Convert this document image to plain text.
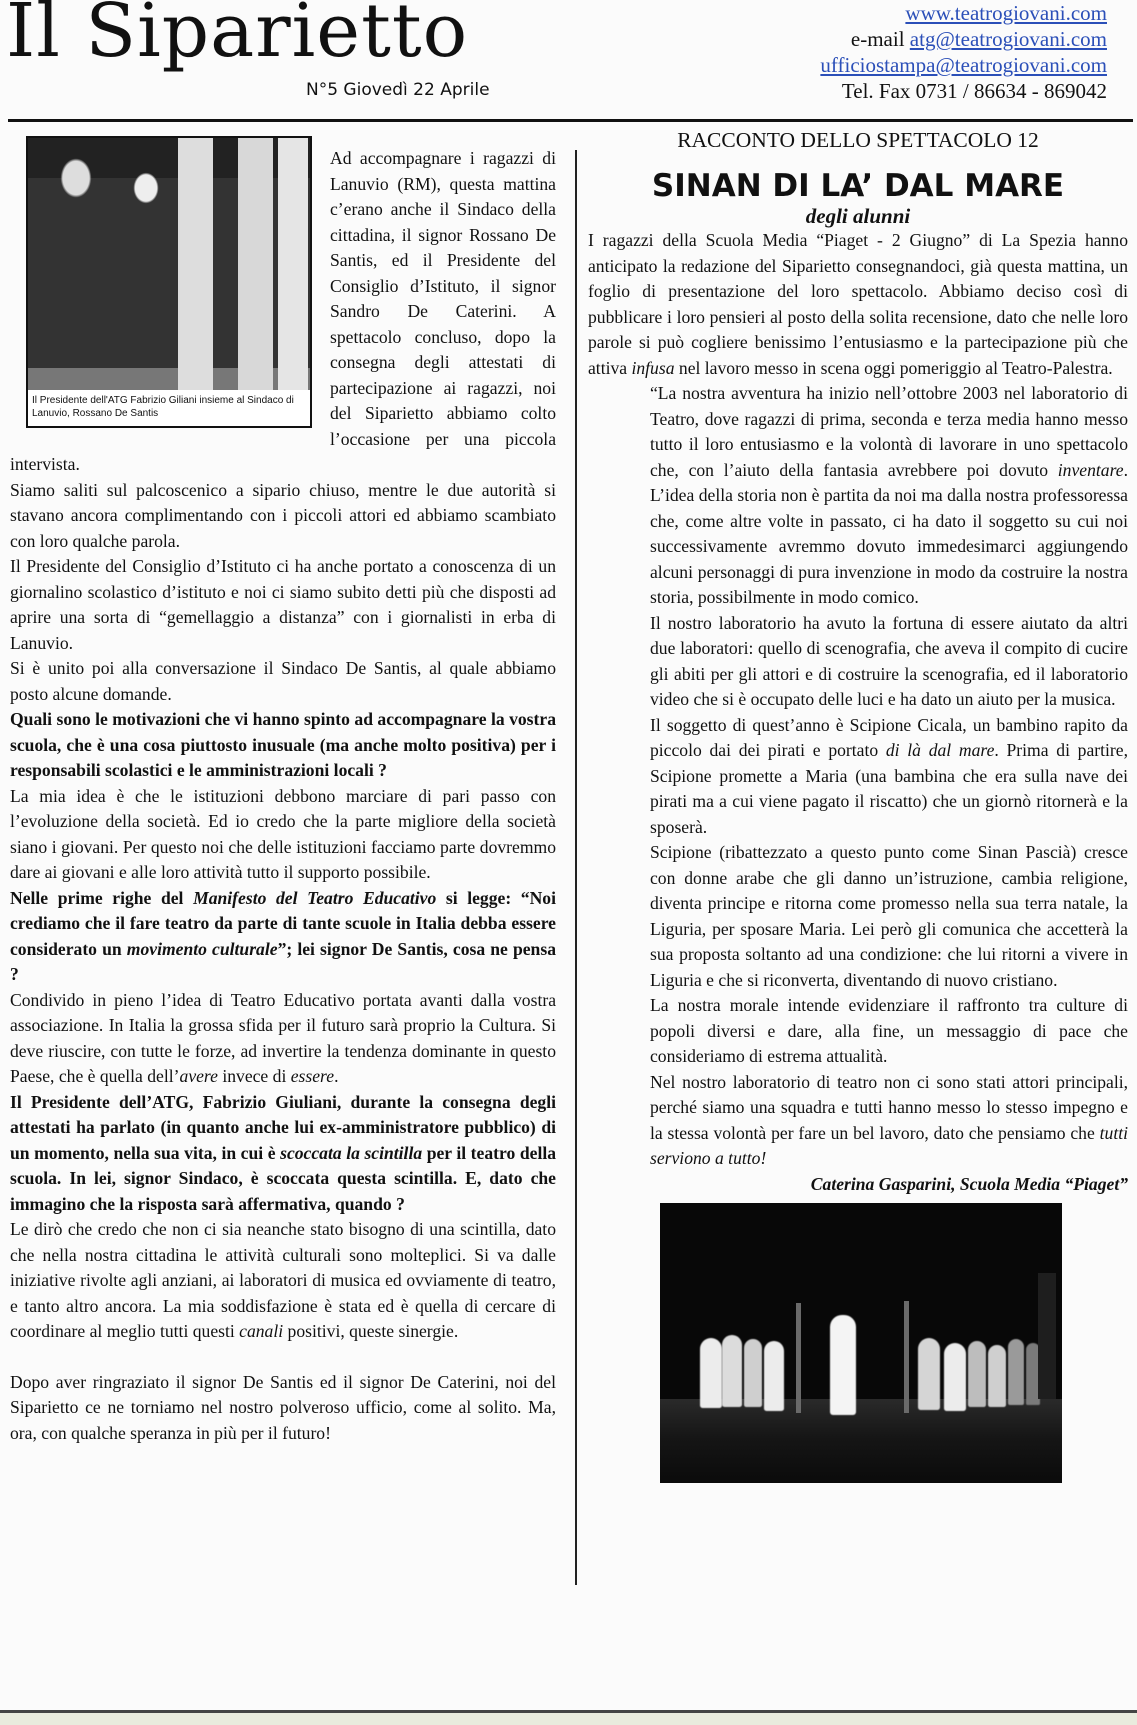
Il Siparietto
N°5 Giovedì 22 Aprile
www.teatrogiovani.com
e-mail atg@teatrogiovani.com
ufficiostampa@teatrogiovani.com
Tel. Fax 0731 / 86634 - 869042
Il Presidente dell'ATG Fabrizio Giliani insieme al Sindaco di Lanuvio, Rossano De Santis

Ad accompagnare i ragazzi di Lanuvio (RM), questa mattina c’erano anche il Sindaco della cittadina, il signor Rossano De Santis, ed il Presidente del Consiglio d’Istituto, il signor Sandro De Caterini. A spettacolo concluso, dopo la consegna degli attestati di partecipazione ai ragazzi, noi del Siparietto abbiamo colto l’occasione per una piccola intervista.

Siamo saliti sul palcoscenico a sipario chiuso, mentre le due autorità si stavano ancora complimentando con i piccoli attori ed abbiamo scambiato con loro qualche parola.

Il Presidente del Consiglio d’Istituto ci ha anche portato a conoscenza di un giornalino scolastico d’istituto e noi ci siamo subito detti più che disposti ad aprire una sorta di “gemellaggio a distanza” con i giornalisti in erba di Lanuvio.

Si è unito poi alla conversazione il Sindaco De Santis, al quale abbiamo posto alcune domande.

Quali sono le motivazioni che vi hanno spinto ad accompagnare la vostra scuola, che è una cosa piuttosto inusuale (ma anche molto positiva) per i responsabili scolastici e le amministrazioni locali ?

La mia idea è che le istituzioni debbono marciare di pari passo con l’evoluzione della società. Ed io credo che la parte migliore della società siano i giovani. Per questo noi che delle istituzioni facciamo parte dovremmo dare ai giovani e alle loro attività tutto il supporto possibile.

Nelle prime righe del Manifesto del Teatro Educativo si legge: “Noi crediamo che il fare teatro da parte di tante scuole in Italia debba essere considerato un movimento culturale”; lei signor De Santis, cosa ne pensa ?

Condivido in pieno l’idea di Teatro Educativo portata avanti dalla vostra associazione. In Italia la grossa sfida per il futuro sarà proprio la Cultura. Si deve riuscire, con tutte le forze, ad invertire la tendenza dominante in questo Paese, che è quella dell’avere invece di essere.

Il Presidente dell’ATG, Fabrizio Giuliani, durante la consegna degli attestati ha parlato (in quanto anche lui ex-amministratore pubblico) di un momento, nella sua vita, in cui è scoccata la scintilla per il teatro della scuola. In lei, signor Sindaco, è scoccata questa scintilla. E, dato che immagino che la risposta sarà affermativa, quando ?

Le dirò che credo che non ci sia neanche stato bisogno di una scintilla, dato che nella nostra cittadina le attività culturali sono molteplici. Si va dalle iniziative rivolte agli anziani, ai laboratori di musica ed ovviamente di teatro, e tanto altro ancora. La mia soddisfazione è stata ed è quella di cercare di coordinare al meglio tutti questi canali positivi, queste sinergie.

Dopo aver ringraziato il signor De Santis ed il signor De Caterini, noi del Siparietto ce ne torniamo nel nostro polveroso ufficio, come al solito. Ma, ora, con qualche speranza in più per il futuro!

RACCONTO DELLO SPETTACOLO 12

SINAN DI LA’ DAL MARE

degli alunni

I ragazzi della Scuola Media “Piaget - 2 Giugno” di La Spezia hanno anticipato la redazione del Siparietto consegnandoci, già questa mattina, un foglio di presentazione del loro spettacolo. Abbiamo deciso così di pubblicare i loro pensieri al posto della solita recensione, dato che nelle loro parole si può cogliere benissimo l’entusiasmo e la partecipazione più che attiva infusa nel lavoro messo in scena oggi pomeriggio al Teatro-Palestra.

“La nostra avventura ha inizio nell’ottobre 2003 nel laboratorio di Teatro, dove ragazzi di prima, seconda e terza media hanno messo tutto il loro entusiasmo e la volontà di lavorare in uno spettacolo che, con l’aiuto della fantasia avrebbere poi dovuto inventare. L’idea della storia non è partita da noi ma dalla nostra professoressa che, come altre volte in passato, ci ha dato il soggetto su cui noi successivamente avremmo dovuto immedesimarci aggiungendo alcuni personaggi di pura invenzione in modo da costruire la nostra storia, possibilmente in modo comico.

Il nostro laboratorio ha avuto la fortuna di essere aiutato da altri due laboratori: quello di scenografia, che aveva il compito di cucire gli abiti per gli attori e di costruire la scenografia, ed il laboratorio video che si è occupato delle luci e ha dato un aiuto per la musica.

Il soggetto di quest’anno è Scipione Cicala, un bambino rapito da piccolo dai dei pirati e portato di là dal mare. Prima di partire, Scipione promette a Maria (una bambina che era sulla nave dei pirati ma a cui viene pagato il riscatto) che un giornò ritornerà e la sposerà.

Scipione (ribattezzato a questo punto come Sinan Pascià) cresce con donne arabe che gli danno un’istruzione, cambia religione, diventa principe e ritorna come promesso nella sua terra natale, la Liguria, per sposare Maria. Lei però gli comunica che accetterà la sua proposta soltanto ad una condizione: che lui ritorni a vivere in Liguria e che si riconverta, diventando di nuovo cristiano.

La nostra morale intende evidenziare il raffronto tra culture di popoli diversi e dare, alla fine, un messaggio di pace che consideriamo di estrema attualità.

Nel nostro laboratorio di teatro non ci sono stati attori principali, perché siamo una squadra e tutti hanno messo lo stesso impegno e la stessa volontà per fare un bel lavoro, dato che pensiamo che tutti serviono a tutto!

Caterina Gasparini, Scuola Media “Piaget”
